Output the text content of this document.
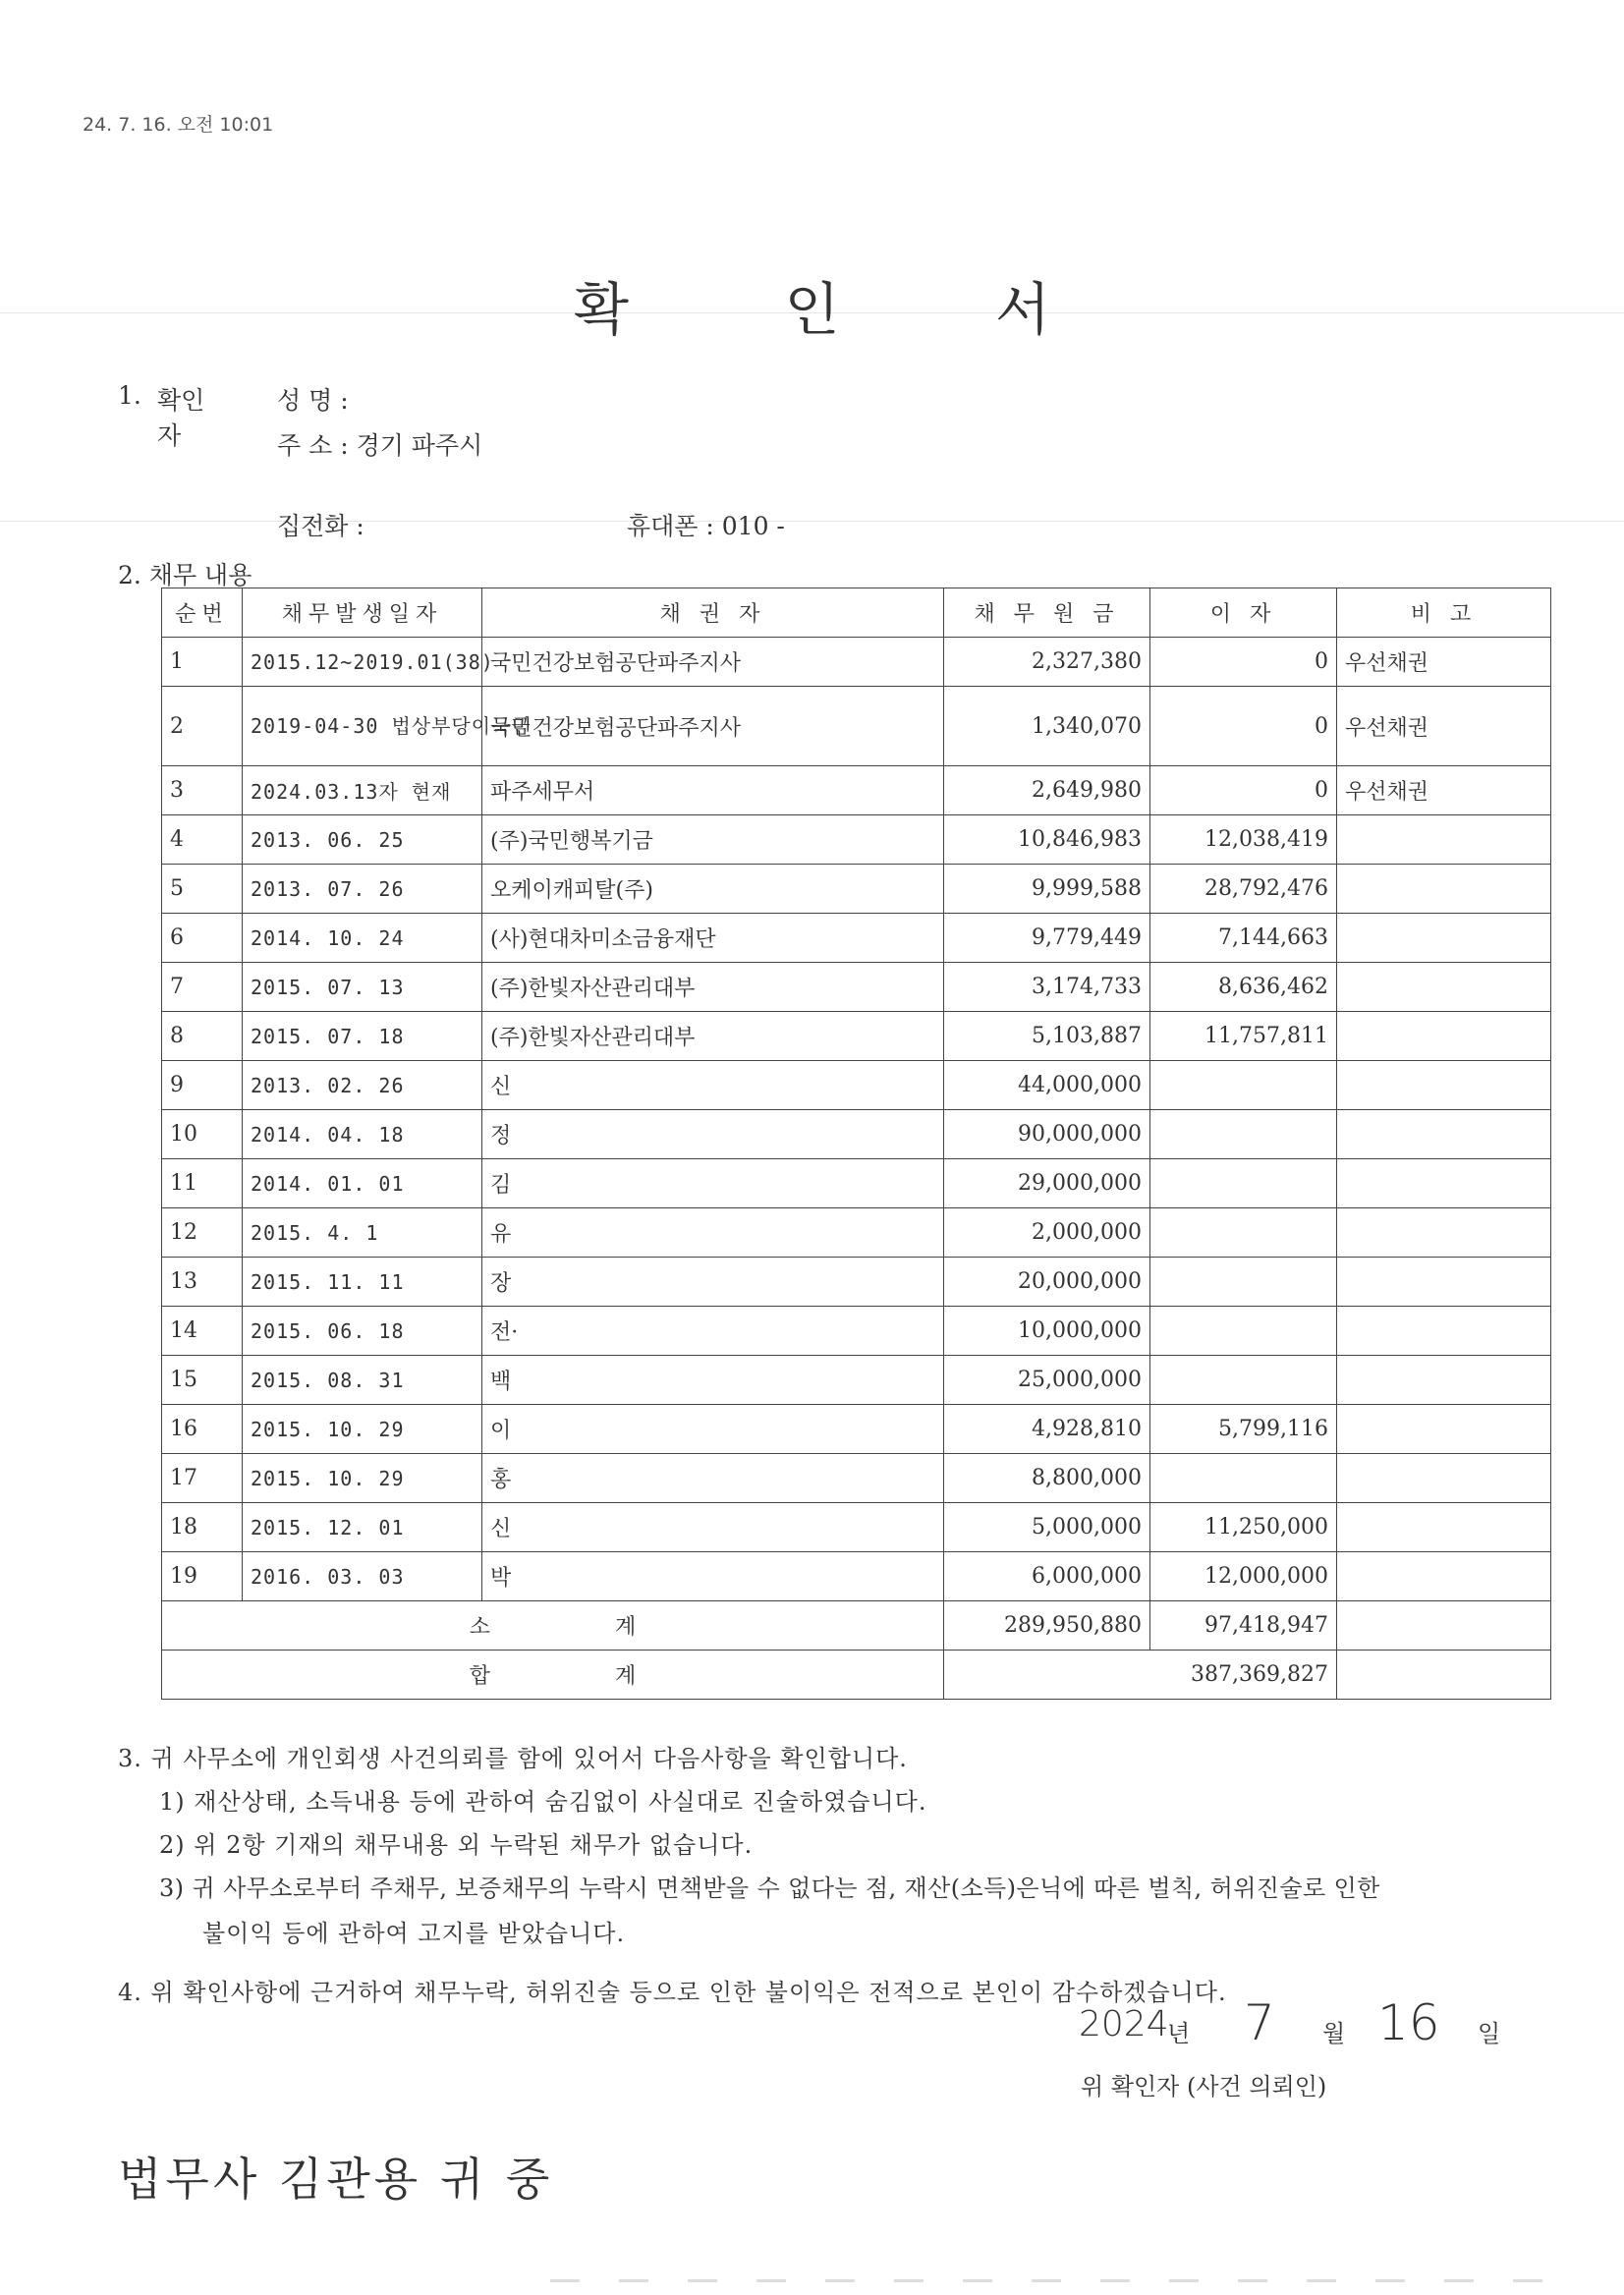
24. 7. 16. 오전 10:01
확 인 서
1. 확인
자
성 명 :
주 소 : 경기 파주시
집전화 :	휴대폰 : 010 -
2. 채무 내용
순번	채무발생일자	채 권 자	채 무 원 금	이 자	비 고
1	2015.12~2019.01(38)	국민건강보험공단파주지사	2,327,380	0	우선채권
2	2019-04-30 법상부당이득금	국민건강보험공단파주지사	1,340,070	0	우선채권
3	2024.03.13자 현재	파주세무서	2,649,980	0	우선채권
4	2013. 06. 25	(주)국민행복기금	10,846,983	12,038,419	
5	2013. 07. 26	오케이캐피탈(주)	9,999,588	28,792,476	
6	2014. 10. 24	(사)현대차미소금융재단	9,779,449	7,144,663	
7	2015. 07. 13	(주)한빛자산관리대부	3,174,733	8,636,462	
8	2015. 07. 18	(주)한빛자산관리대부	5,103,887	11,757,811	
9	2013. 02. 26	신	44,000,000		
10	2014. 04. 18	정	90,000,000		
11	2014. 01. 01	김	29,000,000		
12	2015. 4. 1	유	2,000,000		
13	2015. 11. 11	장	20,000,000		
14	2015. 06. 18	전·	10,000,000		
15	2015. 08. 31	백	25,000,000		
16	2015. 10. 29	이	4,928,810	5,799,116	
17	2015. 10. 29	홍	8,800,000		
18	2015. 12. 01	신	5,000,000	11,250,000	
19	2016. 03. 03	박	6,000,000	12,000,000	
소 계			289,950,880	97,418,947	
합 계			387,369,827		
3. 귀 사무소에 개인회생 사건의뢰를 함에 있어서 다음사항을 확인합니다.
1) 재산상태, 소득내용 등에 관하여 숨김없이 사실대로 진술하였습니다.
2) 위 2항 기재의 채무내용 외 누락된 채무가 없습니다.
3) 귀 사무소로부터 주채무, 보증채무의 누락시 면책받을 수 없다는 점, 재산(소득)은닉에 따른 벌칙, 허위진술로 인한
불이익 등에 관하여 고지를 받았습니다.
4. 위 확인사항에 근거하여 채무누락, 허위진술 등으로 인한 불이익은 전적으로 본인이 감수하겠습니다.
2024
년 7 월 16 일
위 확인자 (사건 의뢰인)
법무사 김관용 귀 중
